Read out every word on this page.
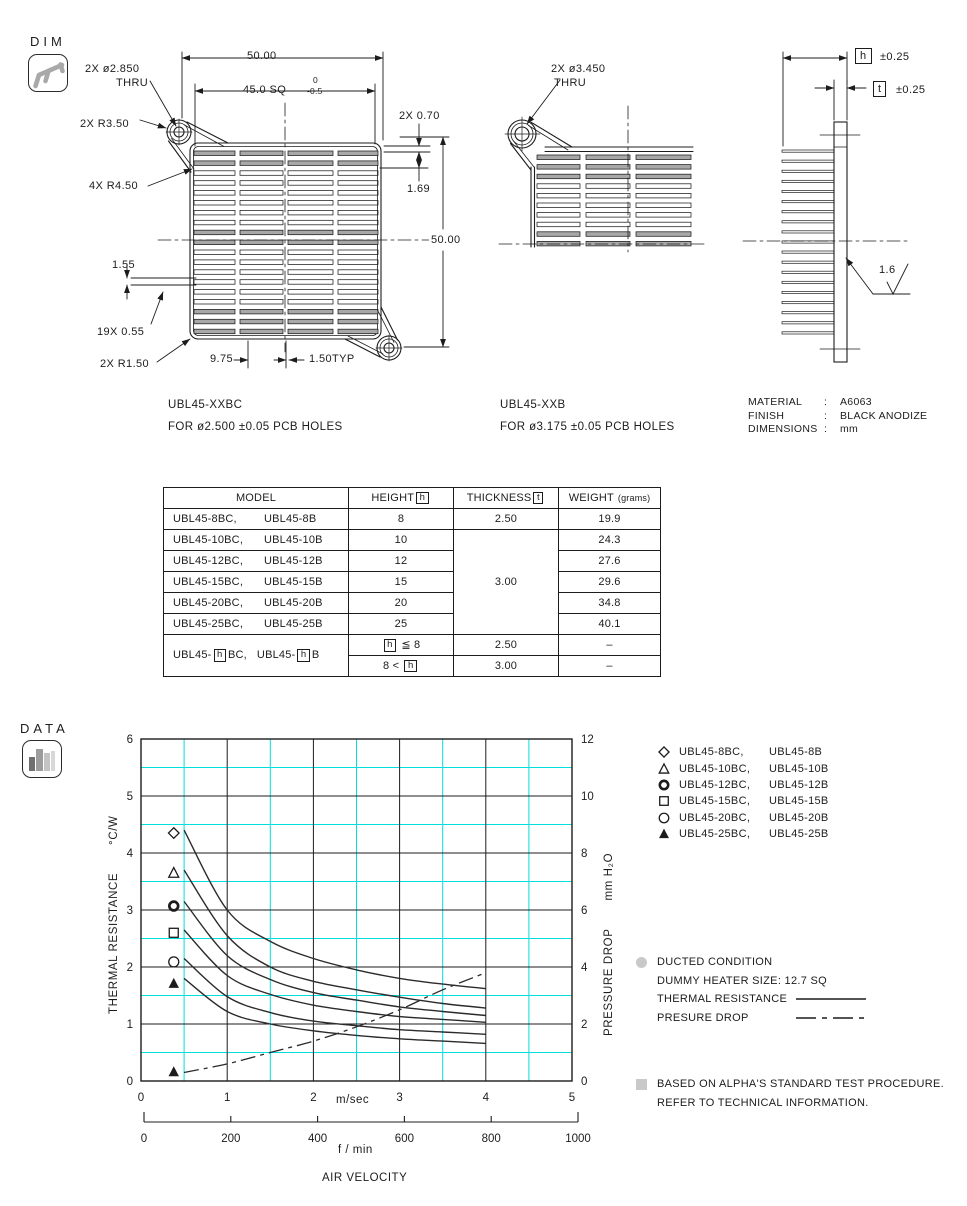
0
1
2
3
4
5
6
0
2
4
6
8
10
12
0	1	2	3	4	5
0	200	400	600	800	1000
DIM
50.00
2X ø2.850
THRU
45.0 SQ
0
-0.5
2X R3.50
2X 0.70
4X R4.50	1.69
50.00
1.55
19X 0.55
2X R1.50	9.75	1.50TYP
2X ø3.450
THRU
h	±0.25
t	±0.25
1.6
UBL45-XXBC
FOR ø2.500 ±0.05 PCB HOLES
UBL45-XXB
FOR ø3.175 ±0.05 PCB HOLES
MATERIAL	:	A6063
FINISH	:	BLACK ANODIZE
DIMENSIONS :	mm
MODEL	HEIGHT h	THICKNESS t	WEIGHT (grams)
UBL45-8BC, UBL45-8B	8	2.50	19.9
UBL45-10BC, UBL45-10B	10	3.00	24.3
UBL45-12BC, UBL45-12B	12		27.6
UBL45-15BC, UBL45-15B	15		29.6
UBL45-20BC, UBL45-20B	20		34.8
UBL45-25BC, UBL45-25B	25		40.1
UBL45- h BC, UBL45- h B	h ≦ 8	2.50	–
	8 < h	3.00	–
DATA
THERMAL RESISTANCE°C/W
PRESSURE DROPmm H₂O
m/sec
f / min
AIR VELOCITY
UBL45-8BC,	UBL45-8B
UBL45-10BC,	UBL45-10B
UBL45-12BC,	UBL45-12B
UBL45-15BC,	UBL45-15B
UBL45-20BC,	UBL45-20B
UBL45-25BC,	UBL45-25B
DUCTED CONDITION
DUMMY HEATER SIZE: 12.7 SQ
THERMAL RESISTANCE
PRESURE DROP
BASED ON ALPHA'S STANDARD TEST PROCEDURE.
REFER TO TECHNICAL INFORMATION.
